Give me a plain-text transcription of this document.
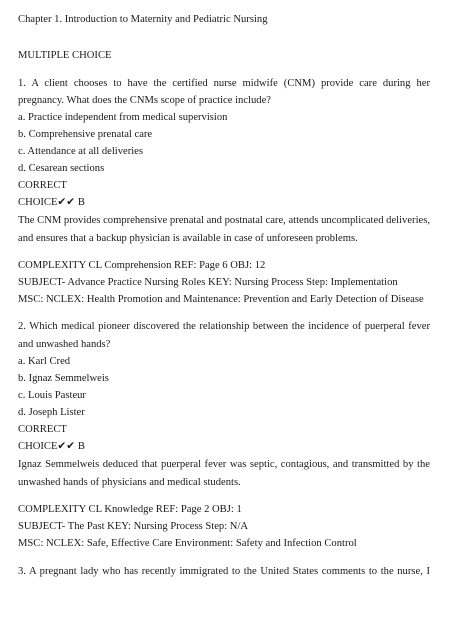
Chapter 1. Introduction to Maternity and Pediatric Nursing
MULTIPLE CHOICE
1. A client chooses to have the certified nurse midwife (CNM) provide care during her
pregnancy. What does the CNMs scope of practice include?
a. Practice independent from medical supervision
b. Comprehensive prenatal care
c. Attendance at all deliveries
d. Cesarean sections
CORRECT
CHOICE✔✔ B
The CNM provides comprehensive prenatal and postnatal care, attends uncomplicated deliveries,
and ensures that a backup physician is available in case of unforeseen problems.
COMPLEXITY CL Comprehension REF: Page 6 OBJ: 12
SUBJECT- Advance Practice Nursing Roles KEY: Nursing Process Step: Implementation
MSC: NCLEX: Health Promotion and Maintenance: Prevention and Early Detection of Disease
2. Which medical pioneer discovered the relationship between the incidence of puerperal fever
and unwashed hands?
a. Karl Cred
b. Ignaz Semmelweis
c. Louis Pasteur
d. Joseph Lister
CORRECT
CHOICE✔✔ B
Ignaz Semmelweis deduced that puerperal fever was septic, contagious, and transmitted by the
unwashed hands of physicians and medical students.
COMPLEXITY CL Knowledge REF: Page 2 OBJ: 1
SUBJECT- The Past KEY: Nursing Process Step: N/A
MSC: NCLEX: Safe, Effective Care Environment: Safety and Infection Control
3. A pregnant lady who has recently immigrated to the United States comments to the nurse, I
